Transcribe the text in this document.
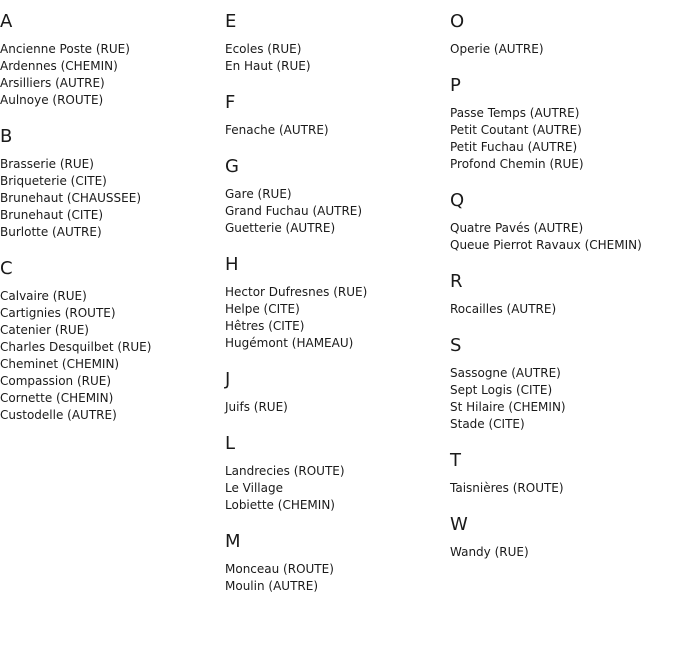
A
Ancienne Poste (RUE)
Ardennes (CHEMIN)
Arsilliers (AUTRE)
Aulnoye (ROUTE)
B
Brasserie (RUE)
Briqueterie (CITE)
Brunehaut (CHAUSSEE)
Brunehaut (CITE)
Burlotte (AUTRE)
C
Calvaire (RUE)
Cartignies (ROUTE)
Catenier (RUE)
Charles Desquilbet (RUE)
Cheminet (CHEMIN)
Compassion (RUE)
Cornette (CHEMIN)
Custodelle (AUTRE)
E
Ecoles (RUE)
En Haut (RUE)
F
Fenache (AUTRE)
G
Gare (RUE)
Grand Fuchau (AUTRE)
Guetterie (AUTRE)
H
Hector Dufresnes (RUE)
Helpe (CITE)
Hêtres (CITE)
Hugémont (HAMEAU)
J
Juifs (RUE)
L
Landrecies (ROUTE)
Le Village
Lobiette (CHEMIN)
M
Monceau (ROUTE)
Moulin (AUTRE)
O
Operie (AUTRE)
P
Passe Temps (AUTRE)
Petit Coutant (AUTRE)
Petit Fuchau (AUTRE)
Profond Chemin (RUE)
Q
Quatre Pavés (AUTRE)
Queue Pierrot Ravaux (CHEMIN)
R
Rocailles (AUTRE)
S
Sassogne (AUTRE)
Sept Logis (CITE)
St Hilaire (CHEMIN)
Stade (CITE)
T
Taisnières (ROUTE)
W
Wandy (RUE)
